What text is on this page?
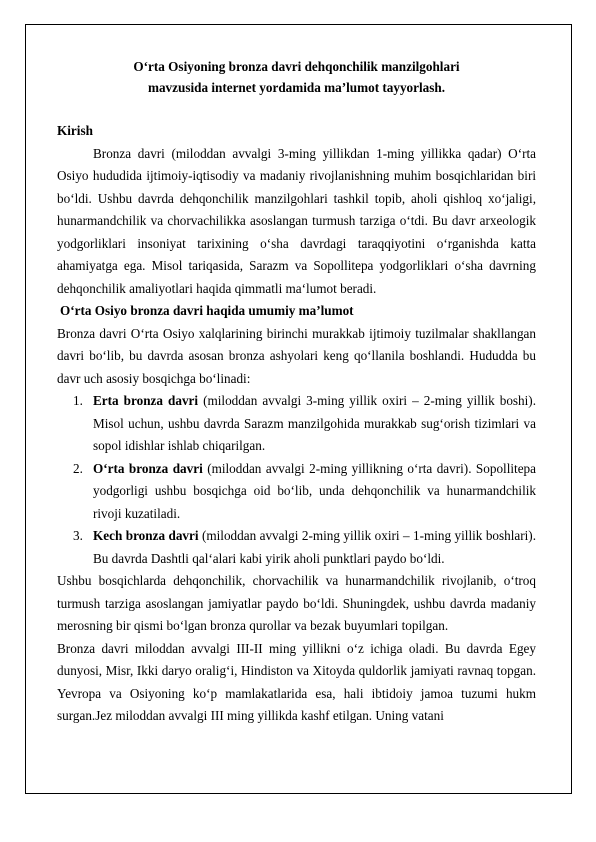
O‘rta Osiyoning bronza davri dehqonchilik manzilgohlari
mavzusida internet yordamida ma’lumot tayyorlash.
Kirish
Bronza davri (miloddan avvalgi 3-ming yillikdan 1-ming yillikka qadar) O‘rta Osiyo hududida ijtimoiy-iqtisodiy va madaniy rivojlanishning muhim bosqichlaridan biri bo‘ldi. Ushbu davrda dehqonchilik manzilgohlari tashkil topib, aholi qishloq xo‘jaligi, hunarmandchilik va chorvachilikka asoslangan turmush tarziga o‘tdi. Bu davr arxeologik yodgorliklari insoniyat tarixining o‘sha davrdagi taraqqiyotini o‘rganishda katta ahamiyatga ega. Misol tariqasida, Sarazm va Sopollitepa yodgorliklari o‘sha davrning dehqonchilik amaliyotlari haqida qimmatli ma‘lumot beradi.
O‘rta Osiyo bronza davri haqida umumiy ma’lumot
Bronza davri O‘rta Osiyo xalqlarining birinchi murakkab ijtimoiy tuzilmalar shakllangan davri bo‘lib, bu davrda asosan bronza ashyolari keng qo‘llanila boshlandi. Hududda bu davr uch asosiy bosqichga bo‘linadi:
1. Erta bronza davri (miloddan avvalgi 3-ming yillik oxiri – 2-ming yillik boshi). Misol uchun, ushbu davrda Sarazm manzilgohida murakkab sug‘orish tizimlari va sopol idishlar ishlab chiqarilgan.
2. O‘rta bronza davri (miloddan avvalgi 2-ming yillikning o‘rta davri). Sopollitepa yodgorligi ushbu bosqichga oid bo‘lib, unda dehqonchilik va hunarmandchilik rivoji kuzatiladi.
3. Kech bronza davri (miloddan avvalgi 2-ming yillik oxiri – 1-ming yillik boshlari). Bu davrda Dashtli qal‘alari kabi yirik aholi punktlari paydo bo‘ldi.
Ushbu bosqichlarda dehqonchilik, chorvachilik va hunarmandchilik rivojlanib, o‘troq turmush tarziga asoslangan jamiyatlar paydo bo‘ldi. Shuningdek, ushbu davrda madaniy merosning bir qismi bo‘lgan bronza qurollar va bezak buyumlari topilgan.
Bronza davri miloddan avvalgi III-II ming yillikni o‘z ichiga oladi. Bu davrda Egey dunyosi, Misr, Ikki daryo oralig‘i, Hindiston va Xitoyda quldorlik jamiyati ravnaq topgan. Yevropa va Osiyoning ko‘p mamlakatlarida esa, hali ibtidoiy jamoa tuzumi hukm surgan.Jez miloddan avvalgi III ming yillikda kashf etilgan. Uning vatani
